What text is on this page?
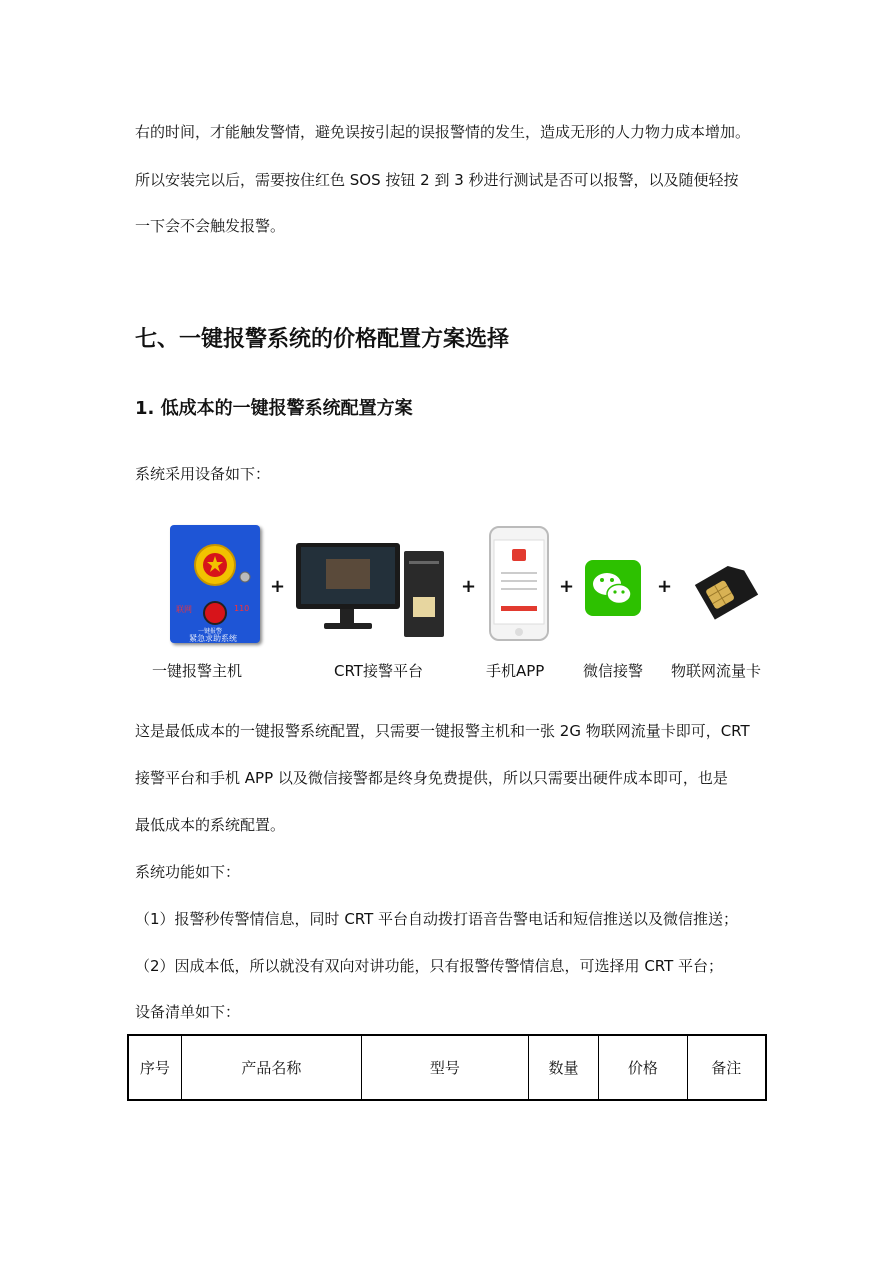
右的时间，才能触发警情，避免误按引起的误报警情的发生，造成无形的人力物力成本增加。
所以安装完以后，需要按住红色 SOS 按钮 2 到 3 秒进行测试是否可以报警，以及随便轻按
一下会不会触发报警。
七、一键报警系统的价格配置方案选择
1. 低成本的一键报警系统配置方案
系统采用设备如下：
联网	110
一键报警
紧急求助系统
+	+	+	+
一键报警主机	CRT接警平台	手机APP	微信接警 物联网流量卡
这是最低成本的一键报警系统配置，只需要一键报警主机和一张 2G 物联网流量卡即可，CRT
接警平台和手机 APP 以及微信接警都是终身免费提供，所以只需要出硬件成本即可，也是
最低成本的系统配置。
系统功能如下：
（1）报警秒传警情信息，同时 CRT 平台自动拨打语音告警电话和短信推送以及微信推送；
（2）因成本低，所以就没有双向对讲功能，只有报警传警情信息，可选择用 CRT 平台；
设备清单如下：
序号	产品名称	型号	数量	价格	备注
